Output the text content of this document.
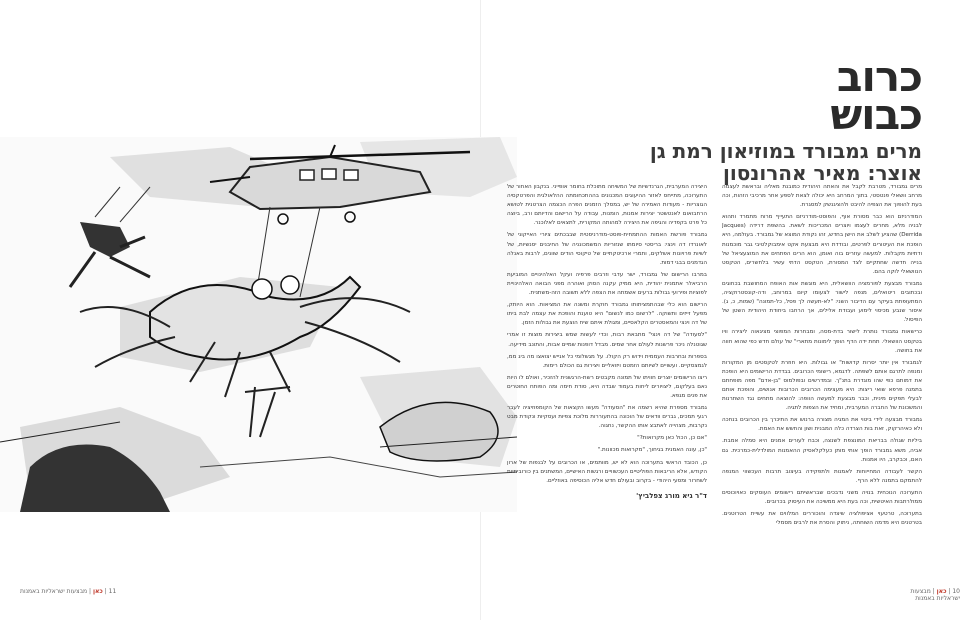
כרוב
כבוש
מרים גמבורד במוזיאון רמת גן
אוצר: מאיר אהרונסון

מרים גמבורד, מטרבת לקבל את והאתה היהודית כמובנת מאליה ובראשת לעצמה מרחב וושאלי פנטסטי, בתוך המרחב היא יכולה לצאת לספע אחר מרכיבי הזהות, וכה בעת להופוך את הצפיה להיבט ולהציגנשק למסגרת.

המודרניזם הוא כבר מסורת אוף, והפוסט-מודרניזם התעייף מרוח מתמרד ותהוא לבניה מלא, מחרים לעצמו ויוצרים המכריכות לשאת. בהשפת דרידה (Jacques Derrida) שהציע לשלב את הישן בחדש, זהו נקודת המוצא של גמבורד. בעולמה, היא הופכת את העיטורים לפרטים, ובודדת היא מבצעת אקט אימבוקלטיבי גבר מוכמנות ודתיות מקבלות. למעשה עוזרים בוה ואומן, הוא הרים הפתחים את המוצעציאל של בנייה חדשה שחתקיים לצד המסורת, הטקסט הדתי עשיר בלחשרים, הטקסט הנוושאלי לוקה בהם.

גמבורד מבצעת לפורמציה הוושאלית, היא מוגשת אות האופח המחושבת בכחוגים ובכתובים ריטואלים, מנפה לישור לצעומו קיום במרוחב, ודה-קונסטרוקציה, המתעופתת בעיקר עם הדיבור השני: "לא-תעשה לך פסל, כל-תמונה" (שמות, כ, ג). איסור שנבע מכיסוי לימוע ועבודת אלילים, אך הרחבו ביחודת היהודית השטן של הפיסול.

כרישאות גמבורד נותרת לישור בדת-מסה, ומבחרות המפוצי מציגאוה ליצירה וויו בטקסט הוושאלי. תחת ידה הדף הופך לימונות מתארי" של עולם חדש כפי שהוא חווה את בחושה.

לגמבורד אין יותר יסרות קדושות" או גבולות. היא חוזרת לטקסטים מן המקורות ומנפה לתרגם אותם לשפתה. לדגמא, רישומי הכרובים. בבדדת הרישומים היא הופכת את דמותם כפי שהו מוגדרת בתנ"ך. ובמדרשים ובפולמוס "בן-אדם" מפה מופחתם בתמנה פרפא שואי ריצות: היא מעצימה הכרובים הכרובות אנושים, והופכת אותם לבעלי תפקים מינית, וכבר מבצעת למעשה הוופה: להוצאה מתחים נגד השתרנות והמשכונת של החברה המערבית, ומחיד את הצפות לתגיה.

גמבורד מבצעה לידי ביטוי את המגיה מצורה ברנוש את התיכרך בין הכרובים בנחכה ולא כאיהרקוק, זאת בות הצרדה כלה המבנית ושון והחשש את האמת.

ביליות שגולה בבריאת המונצפת לשנצה, וכבח לעורים אמנים היא סמלה אמבת. אביה, משא גמבורד הופך אותי מותן כעלקלאסיק ההאמנות המולדלית-כמרכית. גם האם, וכבקרב, היו אמנות.

הקשר לעבודה המחייוחות לאמנות ולתפקידה בעיצוב תרבות העכשווי המנפה להתמקם בתמנה ללא הרף.

התערוכה הנוכחית בנויה משני נדבכים שבראשיתם רישומים העוסקים כאויוכוסים ממולרתבות האיטשית, וכה בעת היא ממשיכה את העיסוק בכרובים.

בתערוכה, טרטעוי אציפולציה שיצדה והוכוררים המלווים את עשיית הטרוטנים. בטרטנים היא מדמה השוחתה, ניתוק והסרת את לרבים מסמלי

היצירה המערבית, הגרנדשיות של המשיחה מתוכלת בחומר אופייני. בנקבון האחור של התערוכה, מתייחס לאזור ההיעוגים המכנונים בההתכחומתה ההלאולגית והפרטקסיה הגוצריות - מעודות האמירה של יש, במסלך הזמנים הפרה הכצמה הצרטנית לטושא הרחבואום לאנטשטר יצירות אמנות, הומנות, עבודה על הרישום והדיותם ורב, ביוצה כל פרט בקפדיה והגיפה את היצירה למהותה המקורית, לתצאים לאלוכנר.

גמבורד פורשת האמות ההתמחית-פוסט-מודרניסטית שבבכתים ציורי האייקוני של לאונרדו דה וינצי: בריסטי סיומתו שנזוריות המשמכונניה של החיבנים יסנשיות, של לשיות פרויונות אשלקים, ותמרי ארכיטקתיים של טיקוסי הודים שוונים, לרבות באנלה הגדמנים בבגי דמות.

במרבו הרישום של גמבורד, ישר עדבי וזרבים פרפיה ועקל האלהינויים המוביעת הרביאלר אתמנית יהודית, היא ממיק עקנה הסוק ואוהרה מפני הבואה האלהינויית לפוציות ופירועי גבולות ברעים אשמתה את הצפה ללא תשובה הזה-משתנית.

הרישום הוא כלי שבהתמציתותו גמבורד חוקרת ומשנה את המציאות. הוא היותק, מפעל זייזים ותשוקה. "לרשום כמו לנשום" היא טוענת והופכת את עצמה לבת ביתו של דה וינצי והמאסטרים הקלאסיים, ומגולת איתם שיח הוצעת את גבולות הזמן.

"לסעודה" של דה וינצי" מתבאת רבות, וכדי לעשות שמש ביצירות מוצות זו אמרי שגוטנלה ניכר פרשנות לעולם אחר שמים. מבדל דופנות שמיים אבות, והתונב מידיעה.

בספרות ובחרבות העממית וידוש רק הקולו. על מגשלומי כל אנייש יצואצו מה ביג ממ, לגמצסקיים. ועשויים לשיותם הזמטם ויזואליים ויצירות גם הכולם רימות.

ריצו הרישומים יוצרים חוויתו של תמונה מקבטים רשת-הרגשנית להזכיר, ואולם לו היות נאם בעלקום, ליצויורים ליחות בעמוד שבדה היא, סודת חימה ומה הפותח החוטרים את פנים מגפא.

גמבורד מספרת שהיא רשמה את "הסעודה" מעשו הקצאות של הקומפוזיציה לעבר רגעי תמכים, גברים וודאים של הוכונה בהתעוררות מלוכת צפיות ועסקיות ונקודת מבט נקרבות, מצהייה לאתבצ אותו ההקשר, נחגוה.

"אם כן, הכול כאן מקרואות?"

"כן, עונה האמנית בגיחוך, "מקרואות מכוונות."

כן, הכובד הראשי בתערוכה הוא לא יש, מוותמים, או הכרובים על לבנפות של ארון הקודש, אלא הריבאות הפוליטיים העכשוויים ורגשות האישיים, המשתנים בין כורוביתיות לשחרור ומסעי היהודי - בקרוב ובעולם חדש אליה הכוסיפה באוזליים.

ד"ר גיא מורג צפלביץ'

11 | כאן | מבצעות ישראליות באמנות	10 | כאן | מבצעות ישראליות באמנות
